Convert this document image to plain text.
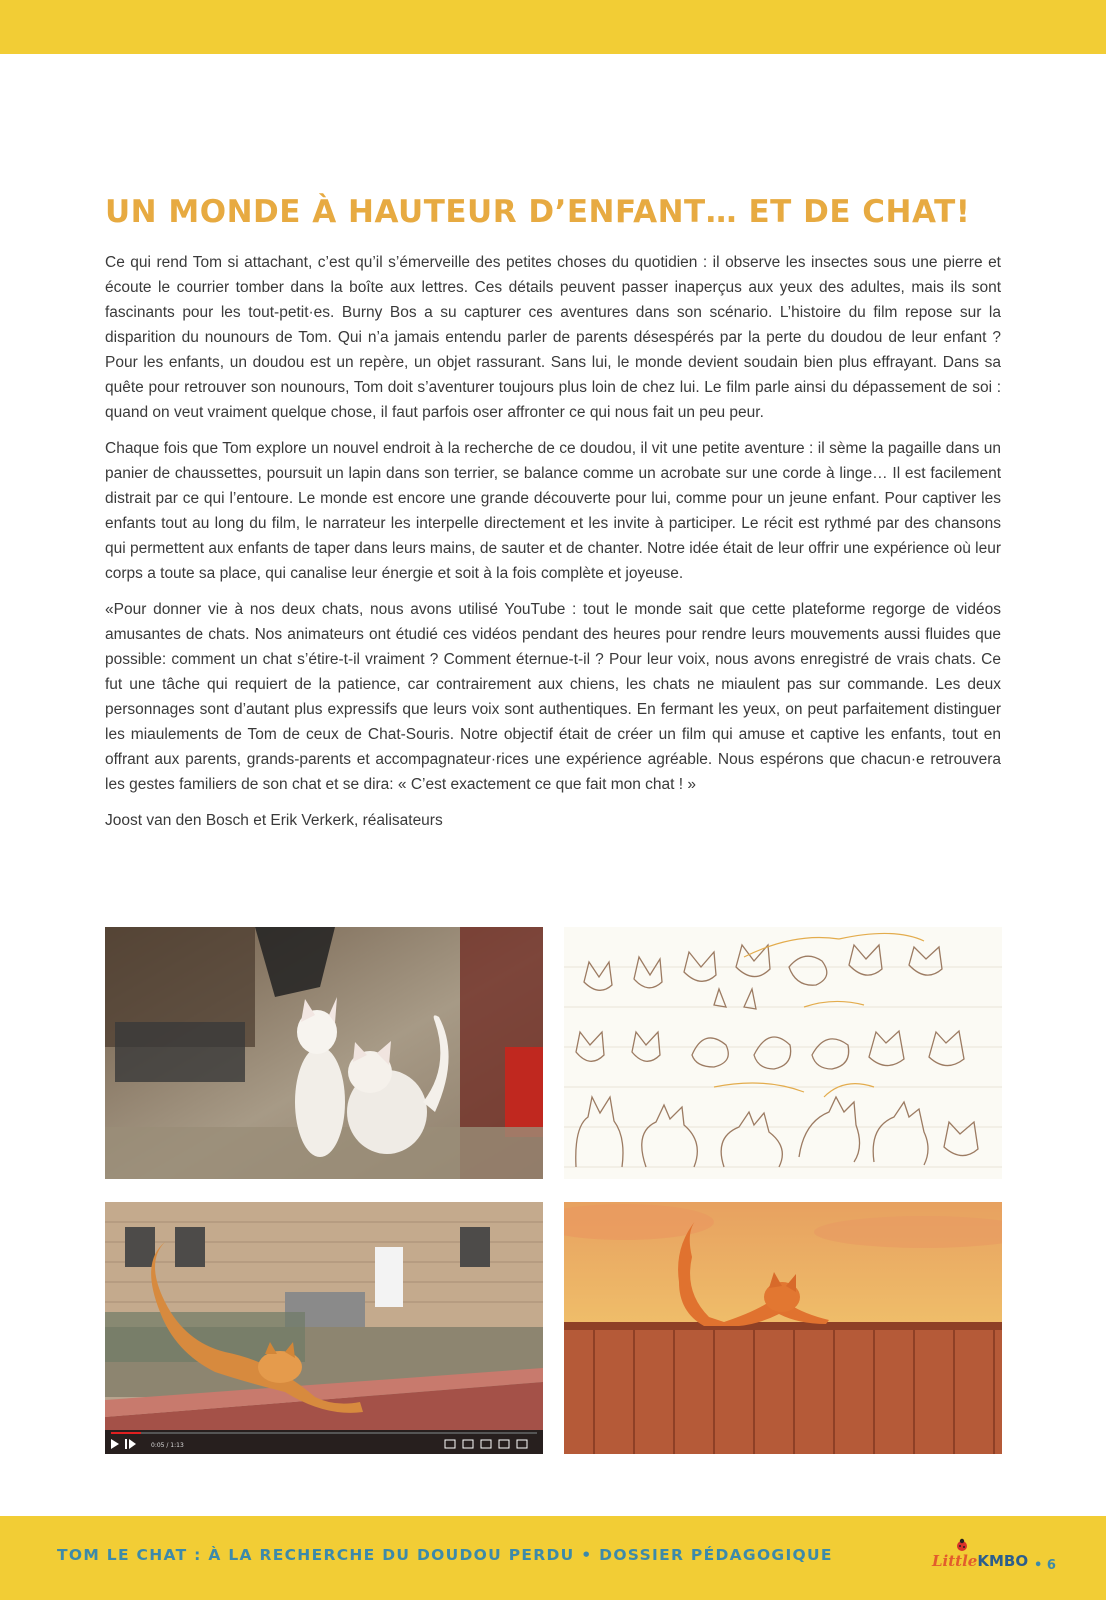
UN MONDE À HAUTEUR D’ENFANT… ET DE CHAT!

Ce qui rend Tom si attachant, c’est qu’il s’émerveille des petites choses du quotidien : il observe les insectes sous une pierre et écoute le courrier tomber dans la boîte aux lettres. Ces détails peuvent passer inaperçus aux yeux des adultes, mais ils sont fascinants pour les tout-petit·es. Burny Bos a su capturer ces aventures dans son scénario. L’histoire du film repose sur la disparition du nounours de Tom. Qui n’a jamais entendu parler de parents désespérés par la perte du doudou de leur enfant ? Pour les enfants, un doudou est un repère, un objet rassurant. Sans lui, le monde devient soudain bien plus effrayant. Dans sa quête pour retrouver son nounours, Tom doit s’aventurer toujours plus loin de chez lui. Le film parle ainsi du dépassement de soi : quand on veut vraiment quelque chose, il faut parfois oser affronter ce qui nous fait un peu peur.

Chaque fois que Tom explore un nouvel endroit à la recherche de ce doudou, il vit une petite aventure : il sème la pagaille dans un panier de chaussettes, poursuit un lapin dans son terrier, se balance comme un acrobate sur une corde à linge… Il est facilement distrait par ce qui l’entoure. Le monde est encore une grande découverte pour lui, comme pour un jeune enfant. Pour captiver les enfants tout au long du film, le narrateur les interpelle directement et les invite à participer. Le récit est rythmé par des chansons qui permettent aux enfants de taper dans leurs mains, de sauter et de chanter. Notre idée était de leur offrir une expérience où leur corps a toute sa place, qui canalise leur énergie et soit à la fois complète et joyeuse.

«Pour donner vie à nos deux chats, nous avons utilisé YouTube : tout le monde sait que cette plateforme regorge de vidéos amusantes de chats. Nos animateurs ont étudié ces vidéos pendant des heures pour rendre leurs mouvements aussi fluides que possible: comment un chat s’étire-t-il vraiment ? Comment éternue-t-il ? Pour leur voix, nous avons enregistré de vrais chats. Ce fut une tâche qui requiert de la patience, car contrairement aux chiens, les chats ne miaulent pas sur commande. Les deux personnages sont d’autant plus expressifs que leurs voix sont authentiques. En fermant les yeux, on peut parfaitement distinguer les miaulements de Tom de ceux de Chat-Souris. Notre objectif était de créer un film qui amuse et captive les enfants, tout en offrant aux parents, grands-parents et accompagnateur·rices une expérience agréable. Nous espérons que chacun·e retrouvera les gestes familiers de son chat et se dira: « C’est exactement ce que fait mon chat ! »

Joost van den Bosch et Erik Verkerk, réalisateurs

0:05 / 1:13
TOM LE CHAT : À LA RECHERCHE DU DOUDOU PERDU • DOSSIER PÉDAGOGIQUE	LittleKMBO • 6
